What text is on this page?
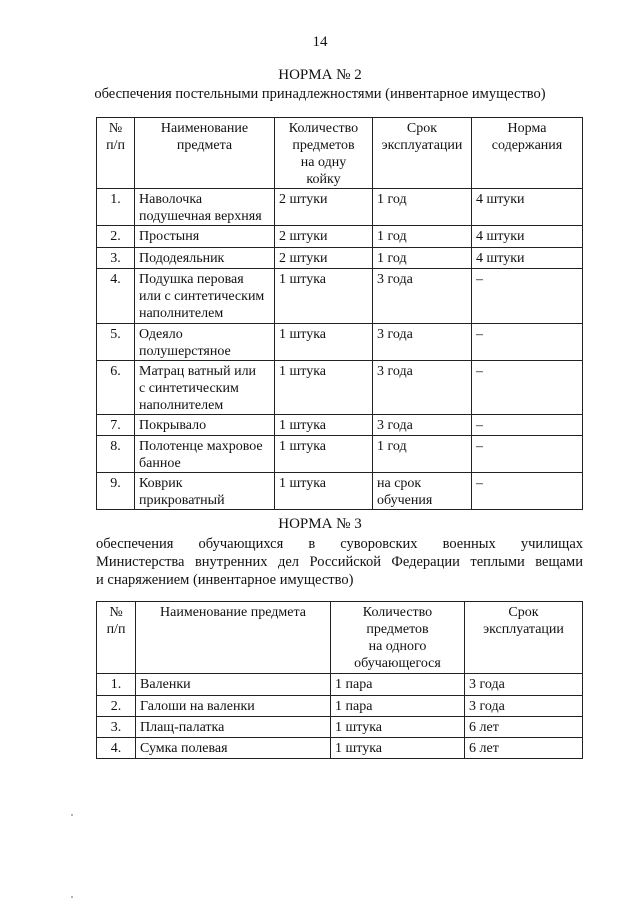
14
НОРМА № 2
обеспечения постельными принадлежностями (инвентарное имущество)
№
п/п	Наименование
предмета	Количество
предметов
на одну
койку	Срок
эксплуатации	Норма
содержания
1.	Наволочка
подушечная верхняя	2 штуки	1 год	4 штуки
2.	Простыня	2 штуки	1 год	4 штуки
3.	Пододеяльник	2 штуки	1 год	4 штуки
4.	Подушка перовая
или с синтетическим
наполнителем	1 штука	3 года	–
5.	Одеяло
полушерстяное	1 штука	3 года	–
6.	Матрац ватный или
с синтетическим
наполнителем	1 штука	3 года	–
7.	Покрывало	1 штука	3 года	–
8.	Полотенце махровое
банное	1 штука	1 год	–
9.	Коврик
прикроватный	1 штука	на срок
обучения	–
НОРМА № 3
обеспечения обучающихся в суворовских военных училищах
Министерства внутренних дел Российской Федерации теплыми вещами
и снаряжением (инвентарное имущество)
№
п/п	Наименование предмета	Количество
предметов
на одного
обучающегося	Срок
эксплуатации
1.	Валенки	1 пара	3 года
2.	Галоши на валенки	1 пара	3 года
3.	Плащ-палатка	1 штука	6 лет
4.	Сумка полевая	1 штука	6 лет
